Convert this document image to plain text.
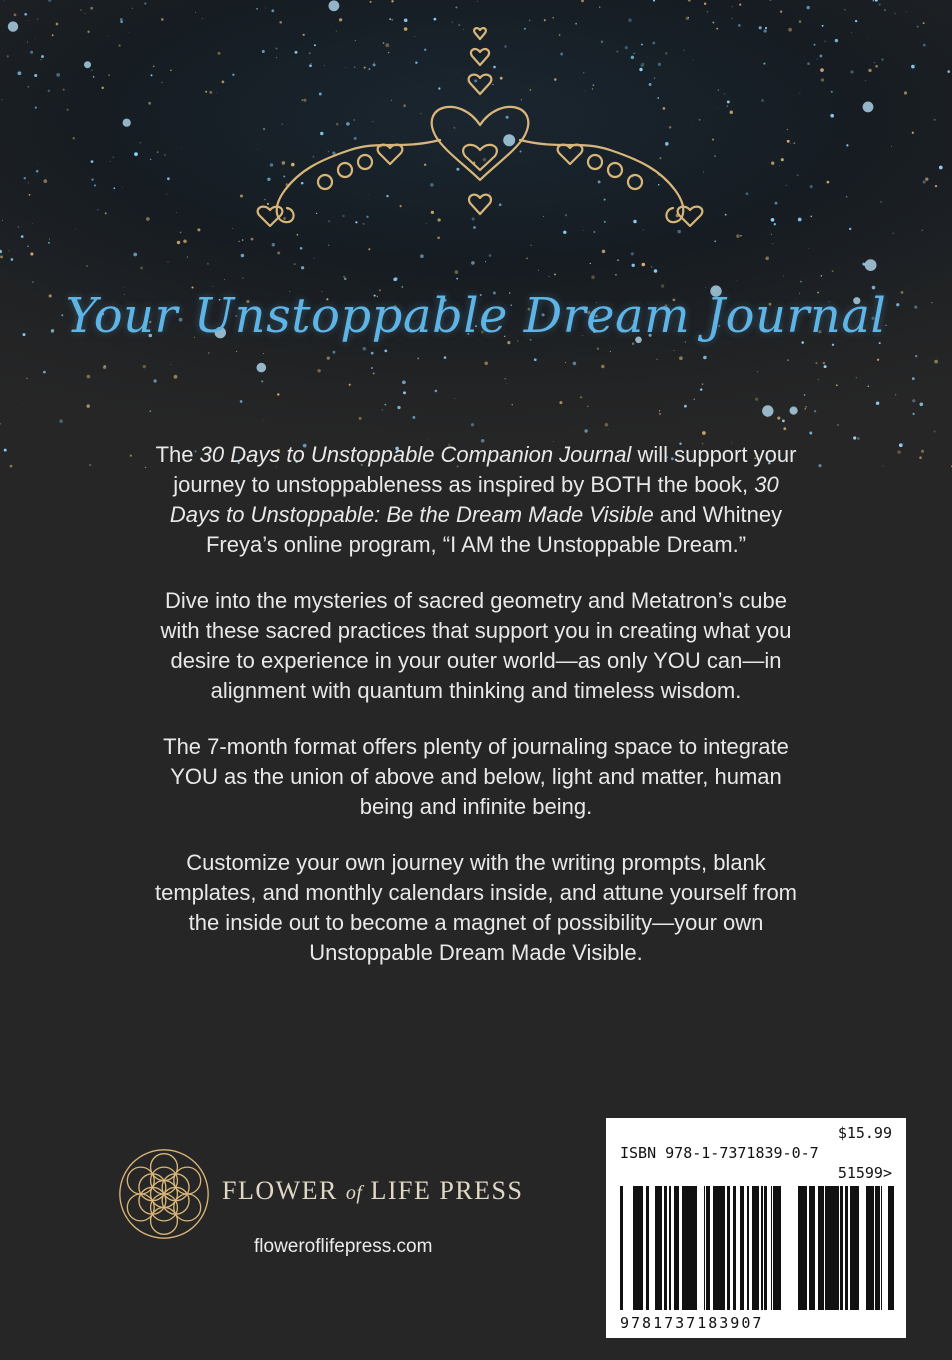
Your Unstoppable Dream Journal

The 30 Days to Unstoppable Companion Journal will support your journey to unstoppableness as inspired by BOTH the book, 30 Days to Unstoppable: Be the Dream Made Visible and Whitney Freya’s online program, “I AM the Unstoppable Dream.”

Dive into the mysteries of sacred geometry and Metatron’s cube with these sacred practices that support you in creating what you desire to experience in your outer world—as only YOU can—in alignment with quantum thinking and timeless wisdom.

The 7-month format offers plenty of journaling space to integrate YOU as the union of above and below, light and matter, human being and infinite being.

Customize your own journey with the writing prompts, blank templates, and monthly calendars inside, and attune yourself from the inside out to become a magnet of possibility—your own Unstoppable Dream Made Visible.

FLOWER of LIFE PRESS
floweroflifepress.com
$15.99
ISBN 978-1-7371839-0-7
51599>
9781737183907
